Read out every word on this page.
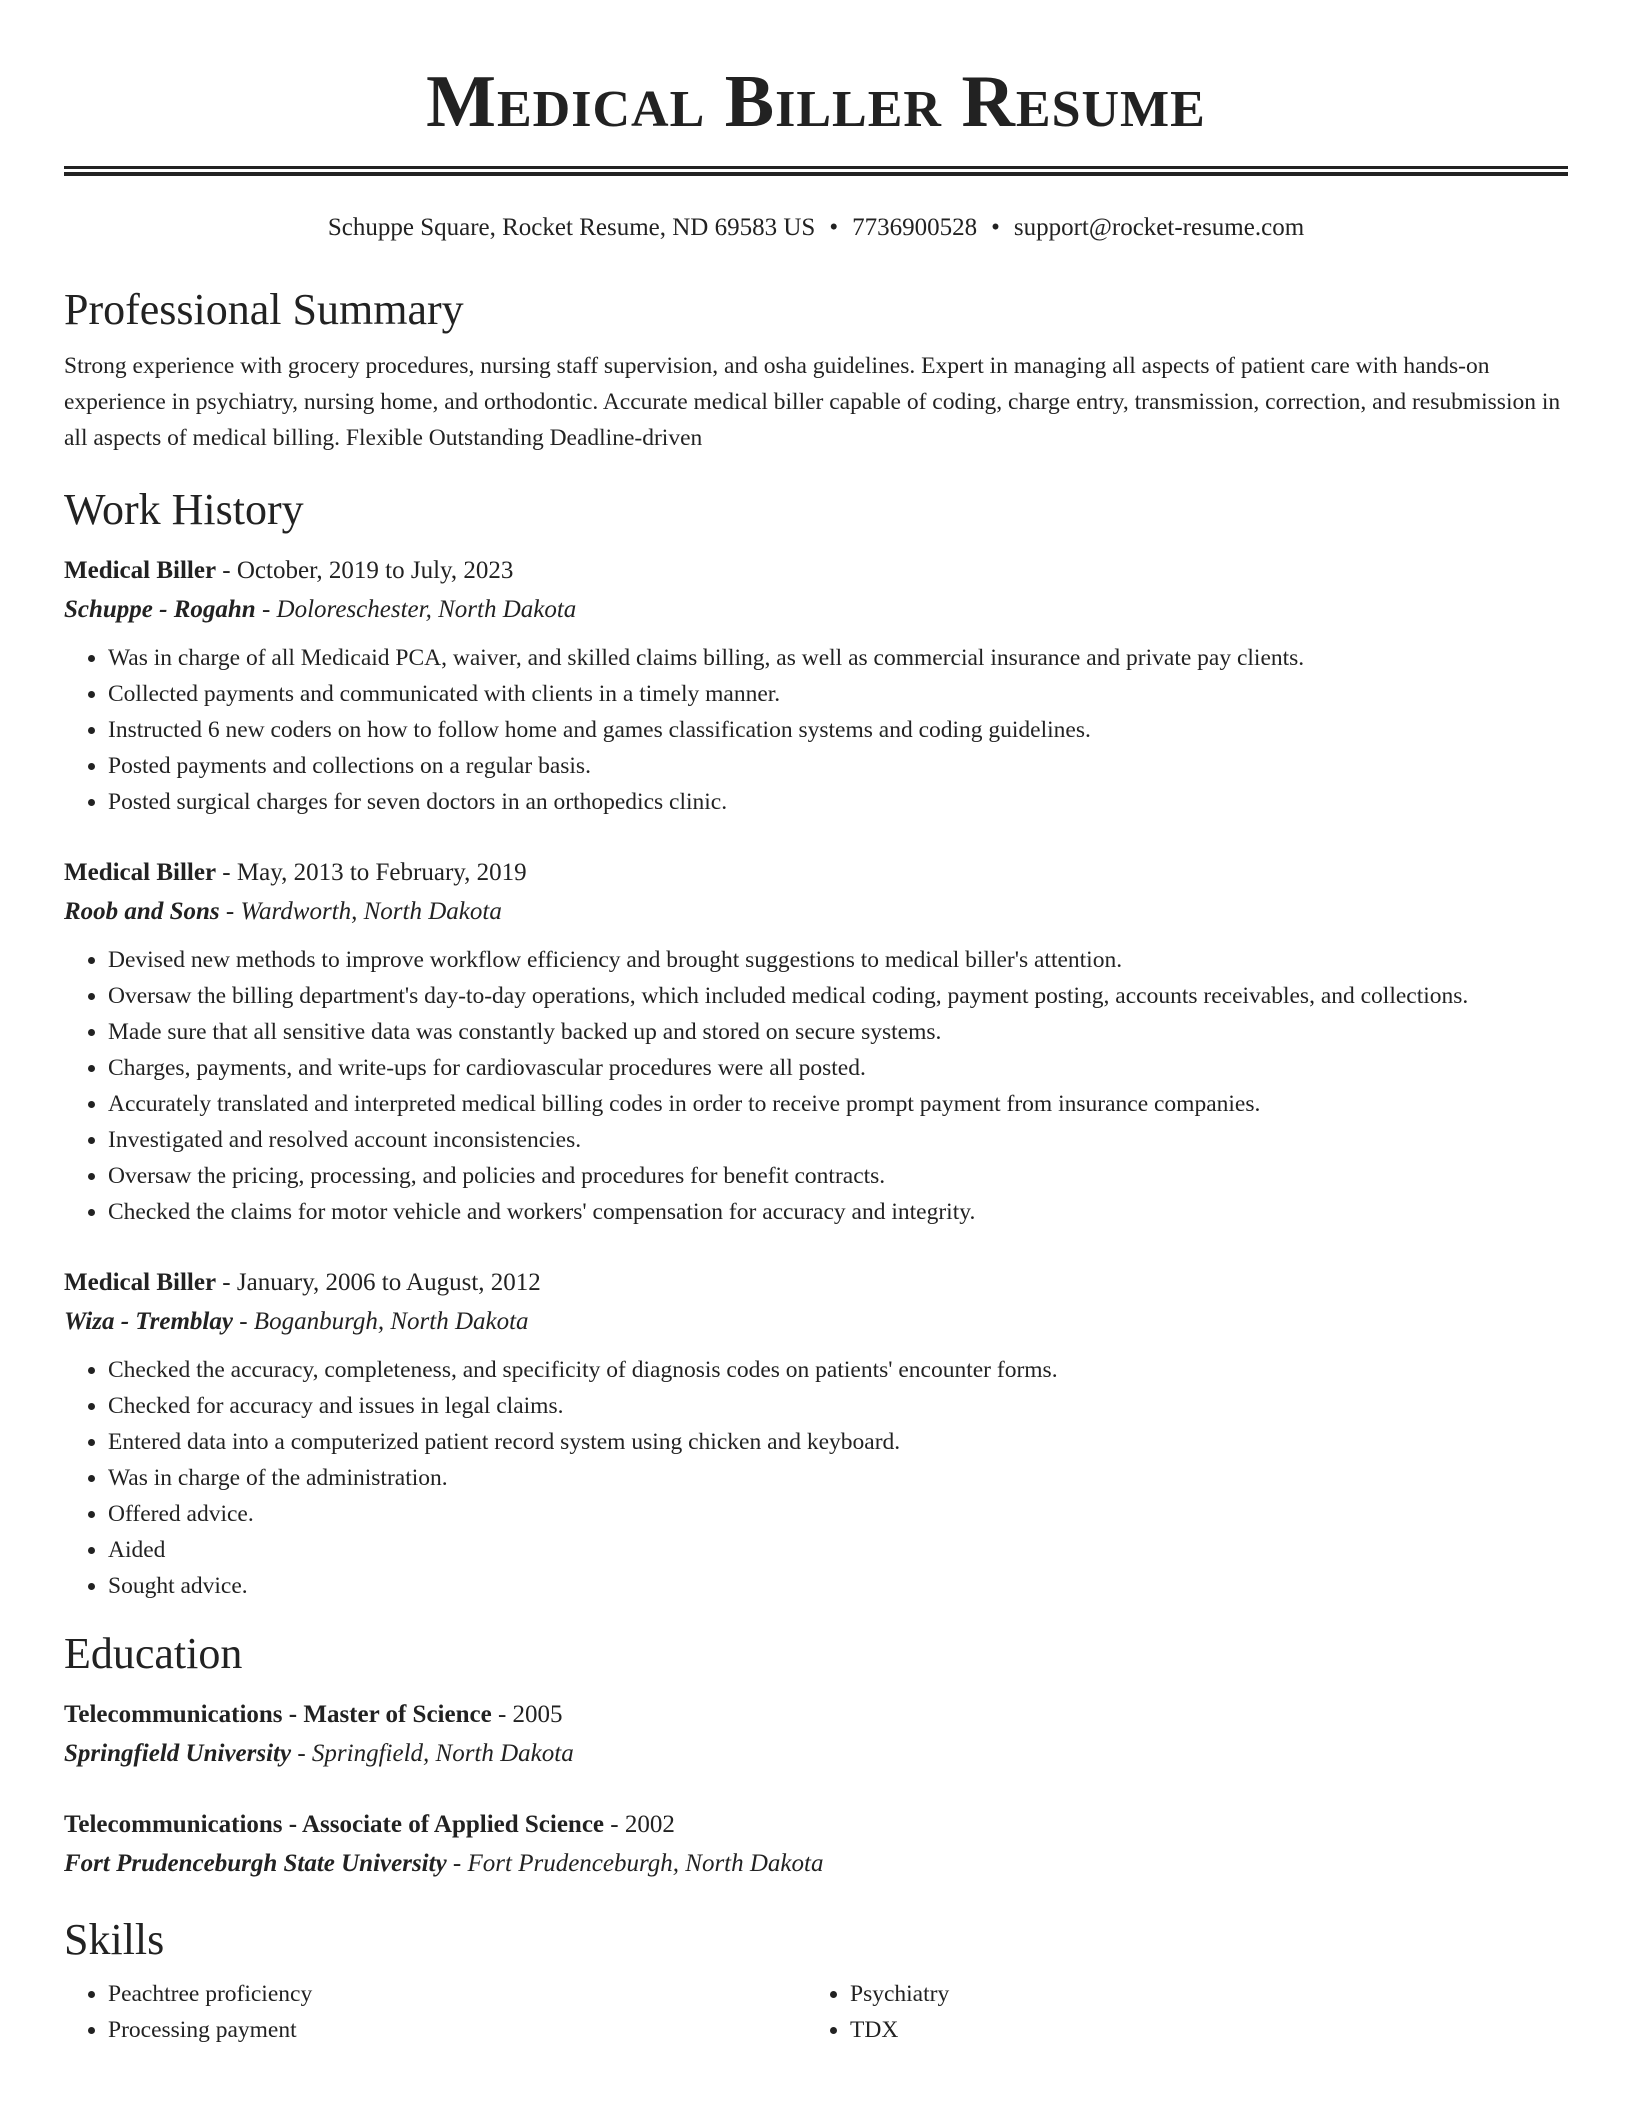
Medical Biller Resume
Schuppe Square, Rocket Resume, ND 69583 US • 7736900528 • support@rocket-resume.com
Professional Summary

Strong experience with grocery procedures, nursing staff supervision, and osha guidelines. Expert in managing all aspects of patient care with hands-on experience in psychiatry, nursing home, and orthodontic. Accurate medical biller capable of coding, charge entry, transmission, correction, and resubmission in all aspects of medical billing. Flexible Outstanding Deadline-driven

Work History
Medical Biller - October, 2019 to July, 2023
Schuppe - Rogahn - Doloreschester, North Dakota
• Was in charge of all Medicaid PCA, waiver, and skilled claims billing, as well as commercial insurance and private pay clients.
• Collected payments and communicated with clients in a timely manner.
• Instructed 6 new coders on how to follow home and games classification systems and coding guidelines.
• Posted payments and collections on a regular basis.
• Posted surgical charges for seven doctors in an orthopedics clinic.
Medical Biller - May, 2013 to February, 2019
Roob and Sons - Wardworth, North Dakota
• Devised new methods to improve workflow efficiency and brought suggestions to medical biller's attention.
• Oversaw the billing department's day-to-day operations, which included medical coding, payment posting, accounts receivables, and collections.
• Made sure that all sensitive data was constantly backed up and stored on secure systems.
• Charges, payments, and write-ups for cardiovascular procedures were all posted.
• Accurately translated and interpreted medical billing codes in order to receive prompt payment from insurance companies.
• Investigated and resolved account inconsistencies.
• Oversaw the pricing, processing, and policies and procedures for benefit contracts.
• Checked the claims for motor vehicle and workers' compensation for accuracy and integrity.
Medical Biller - January, 2006 to August, 2012
Wiza - Tremblay - Boganburgh, North Dakota
• Checked the accuracy, completeness, and specificity of diagnosis codes on patients' encounter forms.
• Checked for accuracy and issues in legal claims.
• Entered data into a computerized patient record system using chicken and keyboard.
• Was in charge of the administration.
• Offered advice.
• Aided
• Sought advice.
Education
Telecommunications - Master of Science - 2005
Springfield University - Springfield, North Dakota
Telecommunications - Associate of Applied Science - 2002
Fort Prudenceburgh State University - Fort Prudenceburgh, North Dakota
Skills
• Peachtree proficiency
• Processing payment
• Psychiatry
• TDX
